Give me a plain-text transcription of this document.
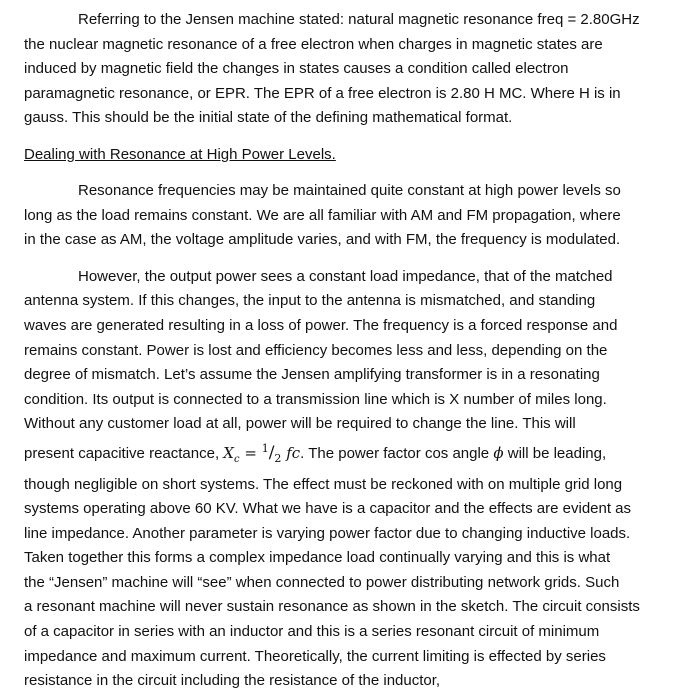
Referring to the Jensen machine stated: natural magnetic resonance freq = 2.80GHz
the nuclear magnetic resonance of a free electron when charges in magnetic states are
induced by magnetic field the changes in states causes a condition called electron
paramagnetic resonance, or EPR. The EPR of a free electron is 2.80 H MC. Where H is in
gauss. This should be the initial state of the defining mathematical format.

Dealing with Resonance at High Power Levels.

Resonance frequencies may be maintained quite constant at high power levels so
long as the load remains constant. We are all familiar with AM and FM propagation, where
in the case as AM, the voltage amplitude varies, and with FM, the frequency is modulated.

However, the output power sees a constant load impedance, that of the matched
antenna system. If this changes, the input to the antenna is mismatched, and standing
waves are generated resulting in a loss of power. The frequency is a forced response and
remains constant. Power is lost and efficiency becomes less and less, depending on the
degree of mismatch. Let’s assume the Jensen amplifying transformer is in a resonating
condition. Its output is connected to a transmission line which is X number of miles long.
Without any customer load at all, power will be required to change the line. This will
present capacitive reactance, $X_c = ^1/_2$ fc. The power factor cos angle ϕ will be leading,
though negligible on short systems. The effect must be reckoned with on multiple grid long
systems operating above 60 KV. What we have is a capacitor and the effects are evident as
line impedance. Another parameter is varying power factor due to changing inductive loads.
Taken together this forms a complex impedance load continually varying and this is what
the “Jensen” machine will “see” when connected to power distributing network grids. Such
a resonant machine will never sustain resonance as shown in the sketch. The circuit consists
of a capacitor in series with an inductor and this is a series resonant circuit of minimum
impedance and maximum current. Theoretically, the current limiting is effected by series
resistance in the circuit including the resistance of the inductor,
